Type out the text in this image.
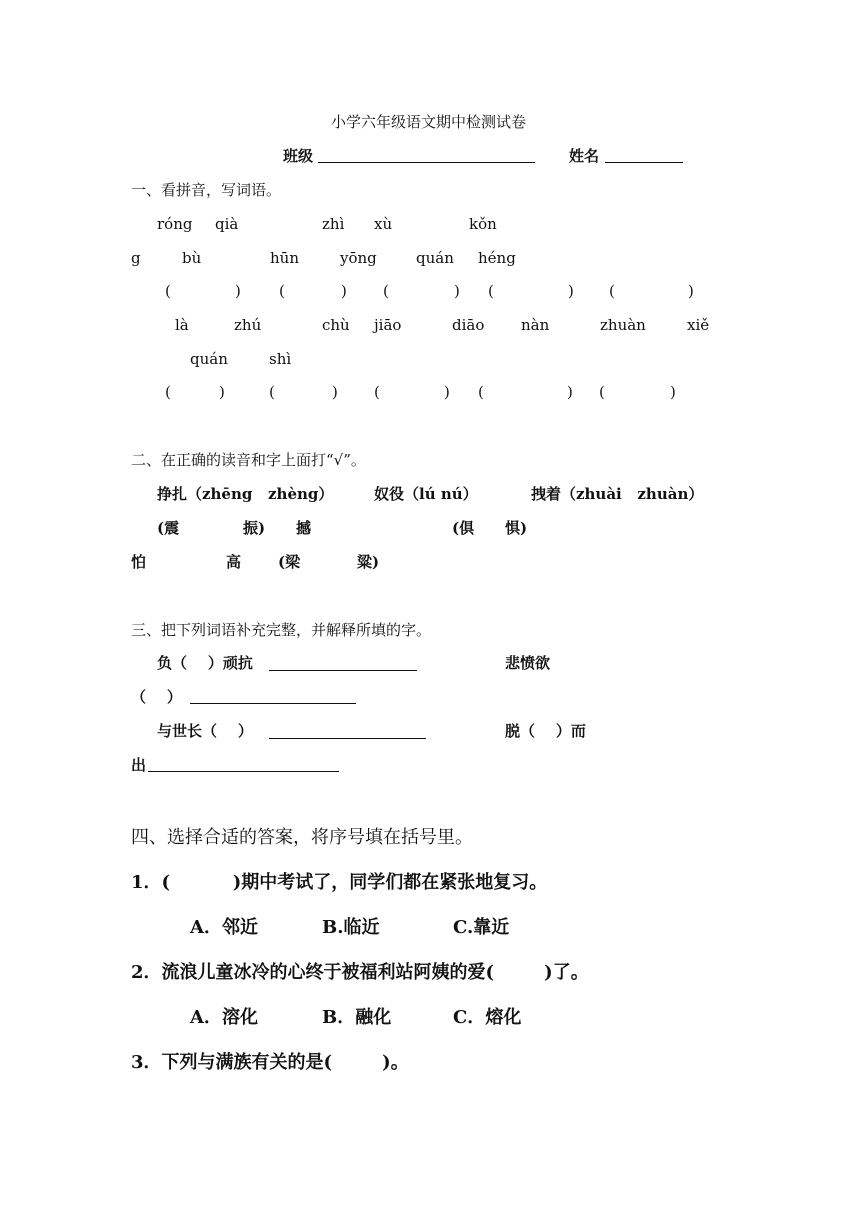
小学六年级语文期中检测试卷
班级	姓名
一、看拼音，写词语。
róng qià	zhì xù	kǒn
g	bù	hūn	yōng	quán héng
(	)	(	) (	) (	) (	)
là	zhú	chù jiāo	diāo nàn	zhuàn	xiě
quán	shì
(	)	(	) (	) (	) (	)
二、在正确的读音和字上面打“√”。
挣扎（zhēng   zhèng）	奴役（lú nú）	拽着（zhuài   zhuàn）
(震	振) 撼	(俱 惧)
怕	高 (梁	粱)
三、把下列词语补充完整，并解释所填的字。
负（    ）顽抗	悲愤欲
（    ）
与世长（    ）	脱（    ）而
出
四、选择合适的答案，将序号填在括号里。
1．(          )期中考试了，同学们都在紧张地复习。
A．邻近	B.临近	C.靠近
2．流浪儿童冰冷的心终于被福利站阿姨的爱(        )了。
A．溶化	B．融化	C．熔化
3．下列与满族有关的是(        )。
